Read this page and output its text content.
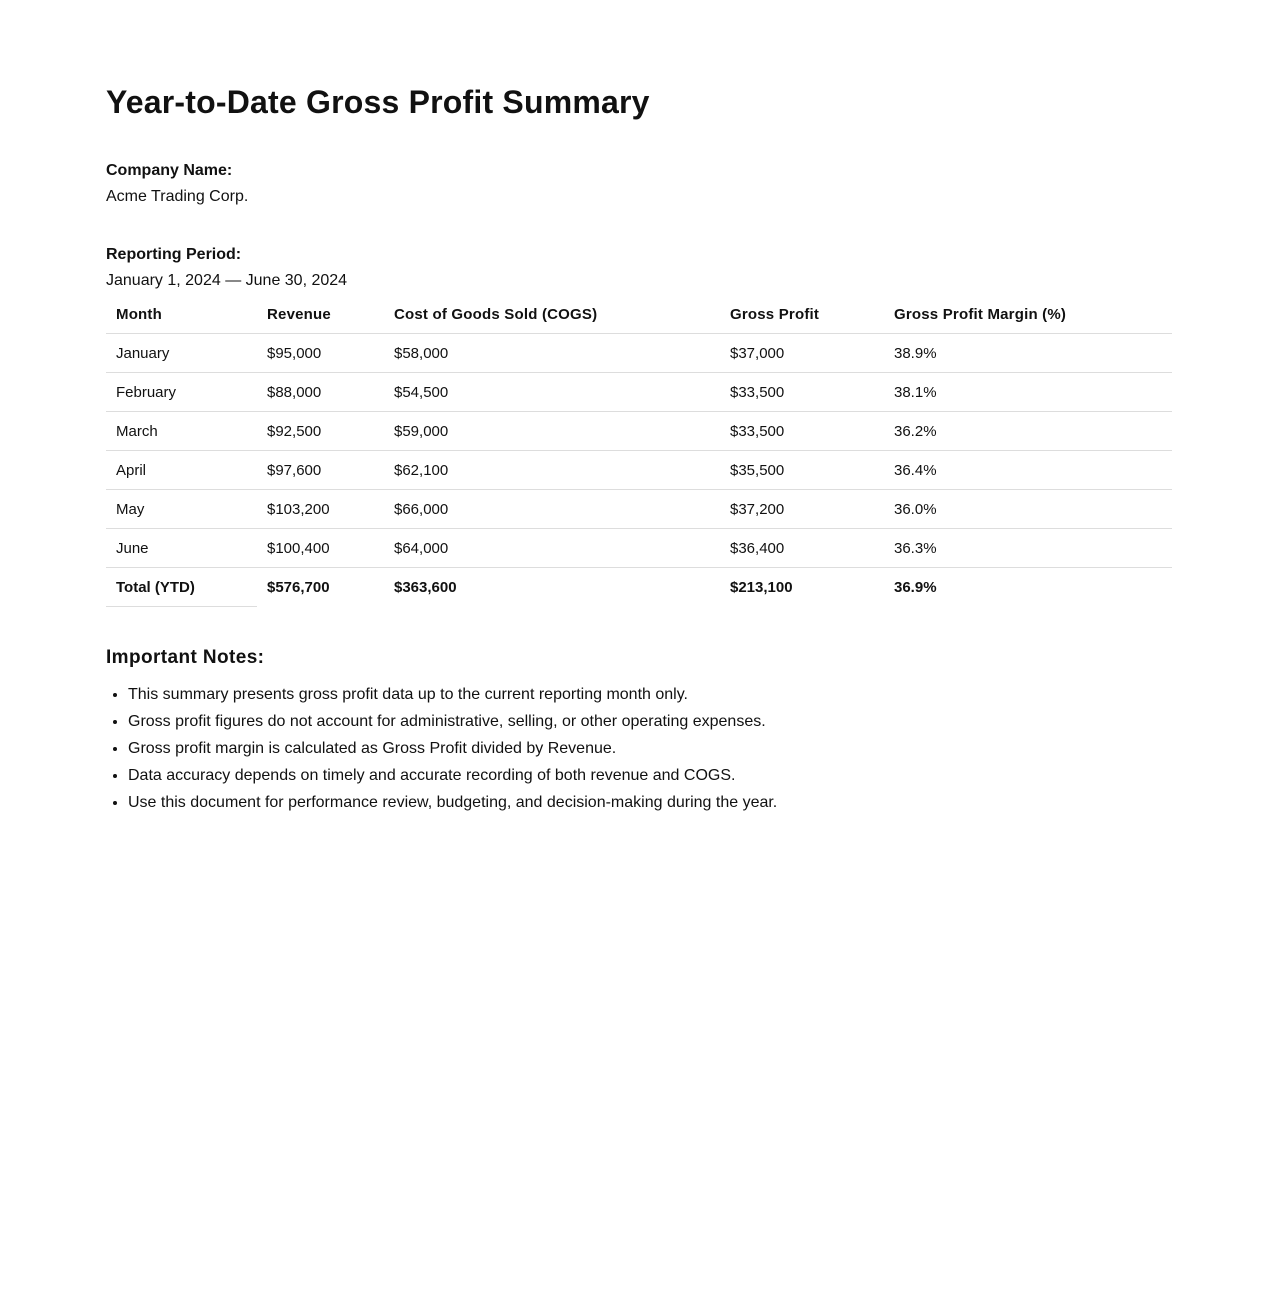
Year-to-Date Gross Profit Summary
Company Name:
Acme Trading Corp.
Reporting Period:
January 1, 2024 — June 30, 2024
Month	Revenue	Cost of Goods Sold (COGS)	Gross Profit	Gross Profit Margin (%)
January	$95,000	$58,000	$37,000	38.9%
February	$88,000	$54,500	$33,500	38.1%
March	$92,500	$59,000	$33,500	36.2%
April	$97,600	$62,100	$35,500	36.4%
May	$103,200	$66,000	$37,200	36.0%
June	$100,400	$64,000	$36,400	36.3%
Total (YTD)	$576,700	$363,600	$213,100	36.9%
Important Notes:
• This summary presents gross profit data up to the current reporting month only.
• Gross profit figures do not account for administrative, selling, or other operating expenses.
• Gross profit margin is calculated as Gross Profit divided by Revenue.
• Data accuracy depends on timely and accurate recording of both revenue and COGS.
• Use this document for performance review, budgeting, and decision-making during the year.
